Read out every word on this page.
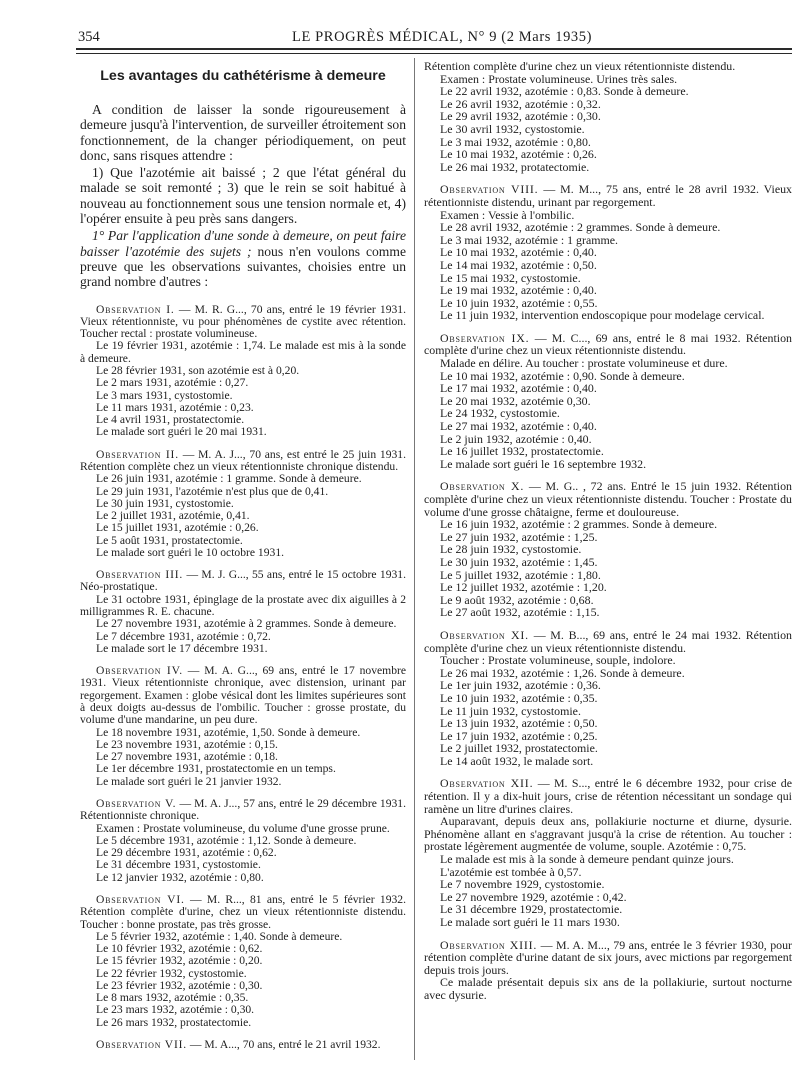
354	LE PROGRÈS MÉDICAL, N° 9 (2 Mars 1935)
Les avantages du cathétérisme à demeure

A condition de laisser la sonde rigoureusement à demeure jusqu'à l'intervention, de surveiller étroitement son fonctionnement, de la changer périodiquement, on peut donc, sans risques attendre :

1) Que l'azotémie ait baissé ; 2 que l'état général du malade se soit remonté ; 3) que le rein se soit habitué à nouveau au fonctionnement sous une tension normale et, 4) l'opérer ensuite à peu près sans dangers.

1° Par l'application d'une sonde à demeure, on peut faire baisser l'azotémie des sujets ; nous n'en voulons comme preuve que les observations suivantes, choisies entre un grand nombre d'autres :

Observation I. — M. R. G..., 70 ans, entré le 19 février 1931. Vieux rétentionniste, vu pour phénomènes de cystite avec rétention. Toucher rectal : prostate volumineuse.
Le 19 février 1931, azotémie : 1,74. Le malade est mis à la sonde à demeure.
Le 28 février 1931, son azotémie est à 0,20.
Le 2 mars 1931, azotémie : 0,27.
Le 3 mars 1931, cystostomie.
Le 11 mars 1931, azotémie : 0,23.
Le 4 avril 1931, prostatectomie.
Le malade sort guéri le 20 mai 1931.
Observation II. — M. A. J..., 70 ans, est entré le 25 juin 1931. Rétention complète chez un vieux rétentionniste chronique distendu.
Le 26 juin 1931, azotémie : 1 gramme. Sonde à demeure.
Le 29 juin 1931, l'azotémie n'est plus que de 0,41.
Le 30 juin 1931, cystostomie.
Le 2 juillet 1931, azotémie, 0,41.
Le 15 juillet 1931, azotémie : 0,26.
Le 5 août 1931, prostatectomie.
Le malade sort guéri le 10 octobre 1931.
Observation III. — M. J. G..., 55 ans, entré le 15 octobre 1931. Néo-prostatique.
Le 31 octobre 1931, épinglage de la prostate avec dix aiguilles à 2 milligrammes R. E. chacune.
Le 27 novembre 1931, azotémie à 2 grammes. Sonde à demeure.
Le 7 décembre 1931, azotémie : 0,72.
Le malade sort le 17 décembre 1931.
Observation IV. — M. A. G..., 69 ans, entré le 17 novembre 1931. Vieux rétentionniste chronique, avec distension, urinant par regorgement. Examen : globe vésical dont les limites supérieures sont à deux doigts au-dessus de l'ombilic. Toucher : grosse prostate, du volume d'une mandarine, un peu dure.
Le 18 novembre 1931, azotémie, 1,50. Sonde à demeure.
Le 23 novembre 1931, azotémie : 0,15.
Le 27 novembre 1931, azotémie : 0,18.
Le 1er décembre 1931, prostatectomie en un temps.
Le malade sort guéri le 21 janvier 1932.
Observation V. — M. A. J..., 57 ans, entré le 29 décembre 1931. Rétentionniste chronique.
Examen : Prostate volumineuse, du volume d'une grosse prune.
Le 5 décembre 1931, azotémie : 1,12. Sonde à demeure.
Le 29 décembre 1931, azotémie : 0,62.
Le 31 décembre 1931, cystostomie.
Le 12 janvier 1932, azotémie : 0,80.
Observation VI. — M. R..., 81 ans, entré le 5 février 1932. Rétention complète d'urine, chez un vieux rétentionniste distendu. Toucher : bonne prostate, pas très grosse.
Le 5 février 1932, azotémie : 1,40. Sonde à demeure.
Le 10 février 1932, azotémie : 0,62.
Le 15 février 1932, azotémie : 0,20.
Le 22 février 1932, cystostomie.
Le 23 février 1932, azotémie : 0,30.
Le 8 mars 1932, azotémie : 0,35.
Le 23 mars 1932, azotémie : 0,30.
Le 26 mars 1932, prostatectomie.
Observation VII. — M. A..., 70 ans, entré le 21 avril 1932.
Rétention complète d'urine chez un vieux rétentionniste distendu.
Examen : Prostate volumineuse. Urines très sales.
Le 22 avril 1932, azotémie : 0,83. Sonde à demeure.
Le 26 avril 1932, azotémie : 0,32.
Le 29 avril 1932, azotémie : 0,30.
Le 30 avril 1932, cystostomie.
Le 3 mai 1932, azotémie : 0,80.
Le 10 mai 1932, azotémie : 0,26.
Le 26 mai 1932, protatectomie.
Observation VIII. — M. M..., 75 ans, entré le 28 avril 1932. Vieux rétentionniste distendu, urinant par regorgement.
Examen : Vessie à l'ombilic.
Le 28 avril 1932, azotémie : 2 grammes. Sonde à demeure.
Le 3 mai 1932, azotémie : 1 gramme.
Le 10 mai 1932, azotémie : 0,40.
Le 14 mai 1932, azotémie : 0,50.
Le 15 mai 1932, cystostomie.
Le 19 mai 1932, azotémie : 0,40.
Le 10 juin 1932, azotémie : 0,55.
Le 11 juin 1932, intervention endoscopique pour modelage cervical.
Observation IX. — M. C..., 69 ans, entré le 8 mai 1932. Rétention complète d'urine chez un vieux rétentionniste distendu.
Malade en délire. Au toucher : prostate volumineuse et dure.
Le 10 mai 1932, azotémie : 0,90. Sonde à demeure.
Le 17 mai 1932, azotémie : 0,40.
Le 20 mai 1932, azotémie 0,30.
Le 24 1932, cystostomie.
Le 27 mai 1932, azotémie : 0,40.
Le 2 juin 1932, azotémie : 0,40.
Le 16 juillet 1932, prostatectomie.
Le malade sort guéri le 16 septembre 1932.
Observation X. — M. G.. , 72 ans. Entré le 15 juin 1932. Rétention complète d'urine chez un vieux rétentionniste distendu. Toucher : Prostate du volume d'une grosse châtaigne, ferme et douloureuse.
Le 16 juin 1932, azotémie : 2 grammes. Sonde à demeure.
Le 27 juin 1932, azotémie : 1,25.
Le 28 juin 1932, cystostomie.
Le 30 juin 1932, azotémie : 1,45.
Le 5 juillet 1932, azotémie : 1,80.
Le 12 juillet 1932, azotémie : 1,20.
Le 9 août 1932, azotémie : 0,68.
Le 27 août 1932, azotémie : 1,15.
Observation XI. — M. B..., 69 ans, entré le 24 mai 1932. Rétention complète d'urine chez un vieux rétentionniste distendu.
Toucher : Prostate volumineuse, souple, indolore.
Le 26 mai 1932, azotémie : 1,26. Sonde à demeure.
Le 1er juin 1932, azotémie : 0,36.
Le 10 juin 1932, azotémie : 0,35.
Le 11 juin 1932, cystostomie.
Le 13 juin 1932, azotémie : 0,50.
Le 17 juin 1932, azotémie : 0,25.
Le 2 juillet 1932, prostatectomie.
Le 14 août 1932, le malade sort.
Observation XII. — M. S..., entré le 6 décembre 1932, pour crise de rétention. Il y a dix-huit jours, crise de rétention nécessitant un sondage qui ramène un litre d'urines claires.
Auparavant, depuis deux ans, pollakiurie nocturne et diurne, dysurie. Phénomène allant en s'aggravant jusqu'à la crise de rétention. Au toucher : prostate légèrement augmentée de volume, souple. Azotémie : 0,75.
Le malade est mis à la sonde à demeure pendant quinze jours.
L'azotémie est tombée à 0,57.
Le 7 novembre 1929, cystostomie.
Le 27 novembre 1929, azotémie : 0,42.
Le 31 décembre 1929, prostatectomie.
Le malade sort guéri le 11 mars 1930.
Observation XIII. — M. A. M..., 79 ans, entrée le 3 février 1930, pour rétention complète d'urine datant de six jours, avec mictions par regorgement depuis trois jours.
Ce malade présentait depuis six ans de la pollakiurie, surtout nocturne avec dysurie.
